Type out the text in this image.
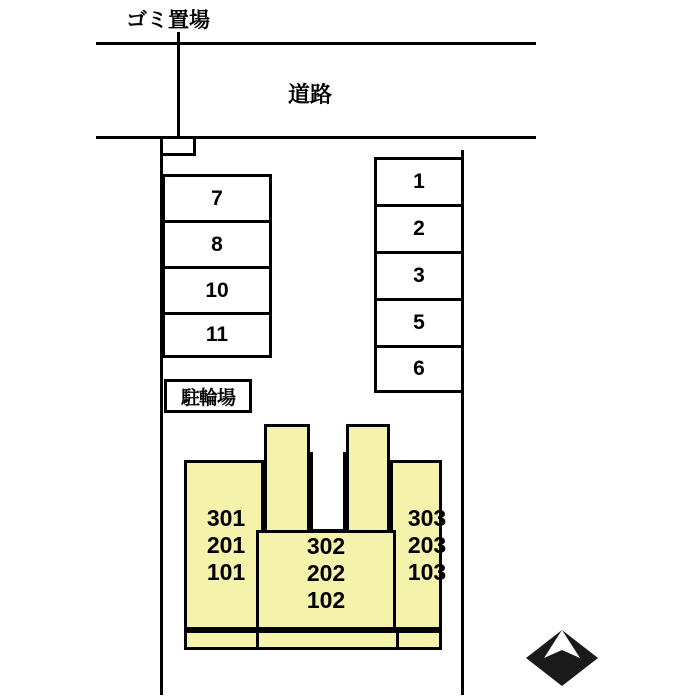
ゴミ置場
道路
7
8
10
11
1
2
3
5
6
駐輪場
301
201
101
302
202
102
303
203
103
N
